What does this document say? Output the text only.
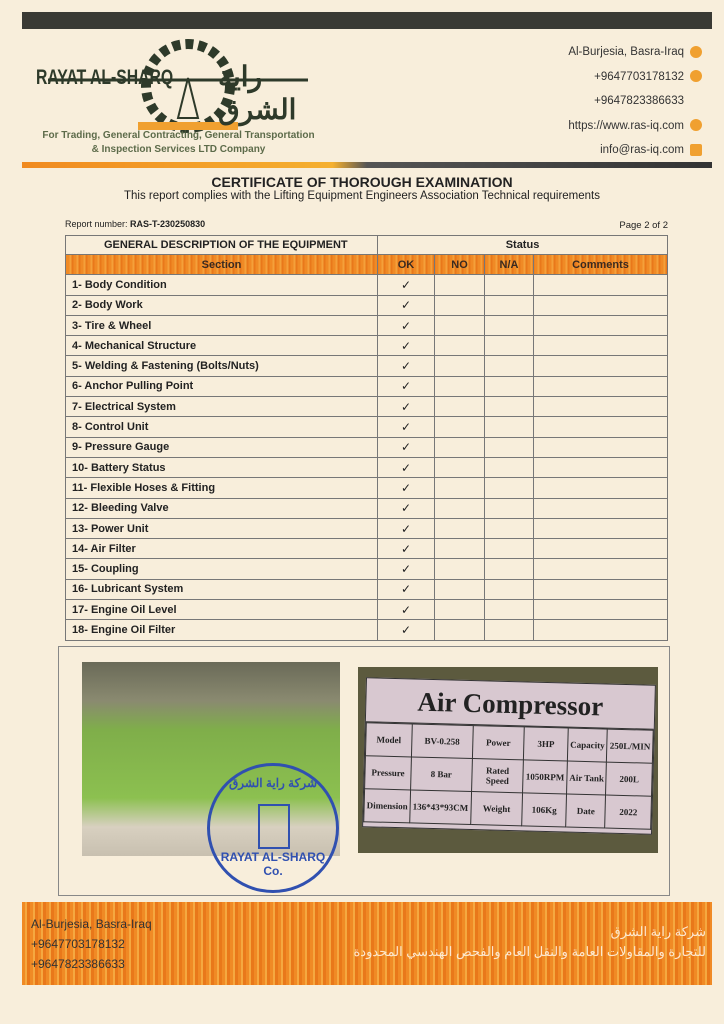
RAYAT AL-SHARQ راية الشرق
For Trading, General Contracting, General Transportation
& Inspection Services LTD Company
Al-Burjesia, Basra-Iraq
+9647703178132
+9647823386633
https://www.ras-iq.com
info@ras-iq.com
CERTIFICATE OF THOROUGH EXAMINATION
This report complies with the Lifting Equipment Engineers Association Technical requirements
Report number: RAS-T-230250830	Page 2 of 2
GENERAL DESCRIPTION OF THE EQUIPMENT	Status			
Section	OK	NO	N/A	Comments
1- Body Condition	✓			
2- Body Work	✓			
3- Tire & Wheel	✓			
4- Mechanical Structure	✓			
5- Welding & Fastening (Bolts/Nuts)	✓			
6- Anchor Pulling Point	✓			
7- Electrical System	✓			
8- Control Unit	✓			
9- Pressure Gauge	✓			
10- Battery Status	✓			
11- Flexible Hoses & Fitting	✓			
12- Bleeding Valve	✓			
13- Power Unit	✓			
14- Air Filter	✓			
15- Coupling	✓			
16- Lubricant System	✓			
17- Engine Oil Level	✓			
18- Engine Oil Filter	✓			
Air Compressor
Model	BV-0.258	Power	3HP	Capacity	250L/MIN
Pressure	8 Bar	Rated Speed	1050RPM	Air Tank	200L
Dimension	136*43*93CM	Weight	106Kg	Date	2022
شركة راية الشرق
RAYAT AL-SHARQ Co.
Al-Burjesia, Basra-Iraq
+9647703178132
+9647823386633
شركة راية الشرق
للتجارة والمقاولات العامة والنقل العام والفحص الهندسي المحدودة
